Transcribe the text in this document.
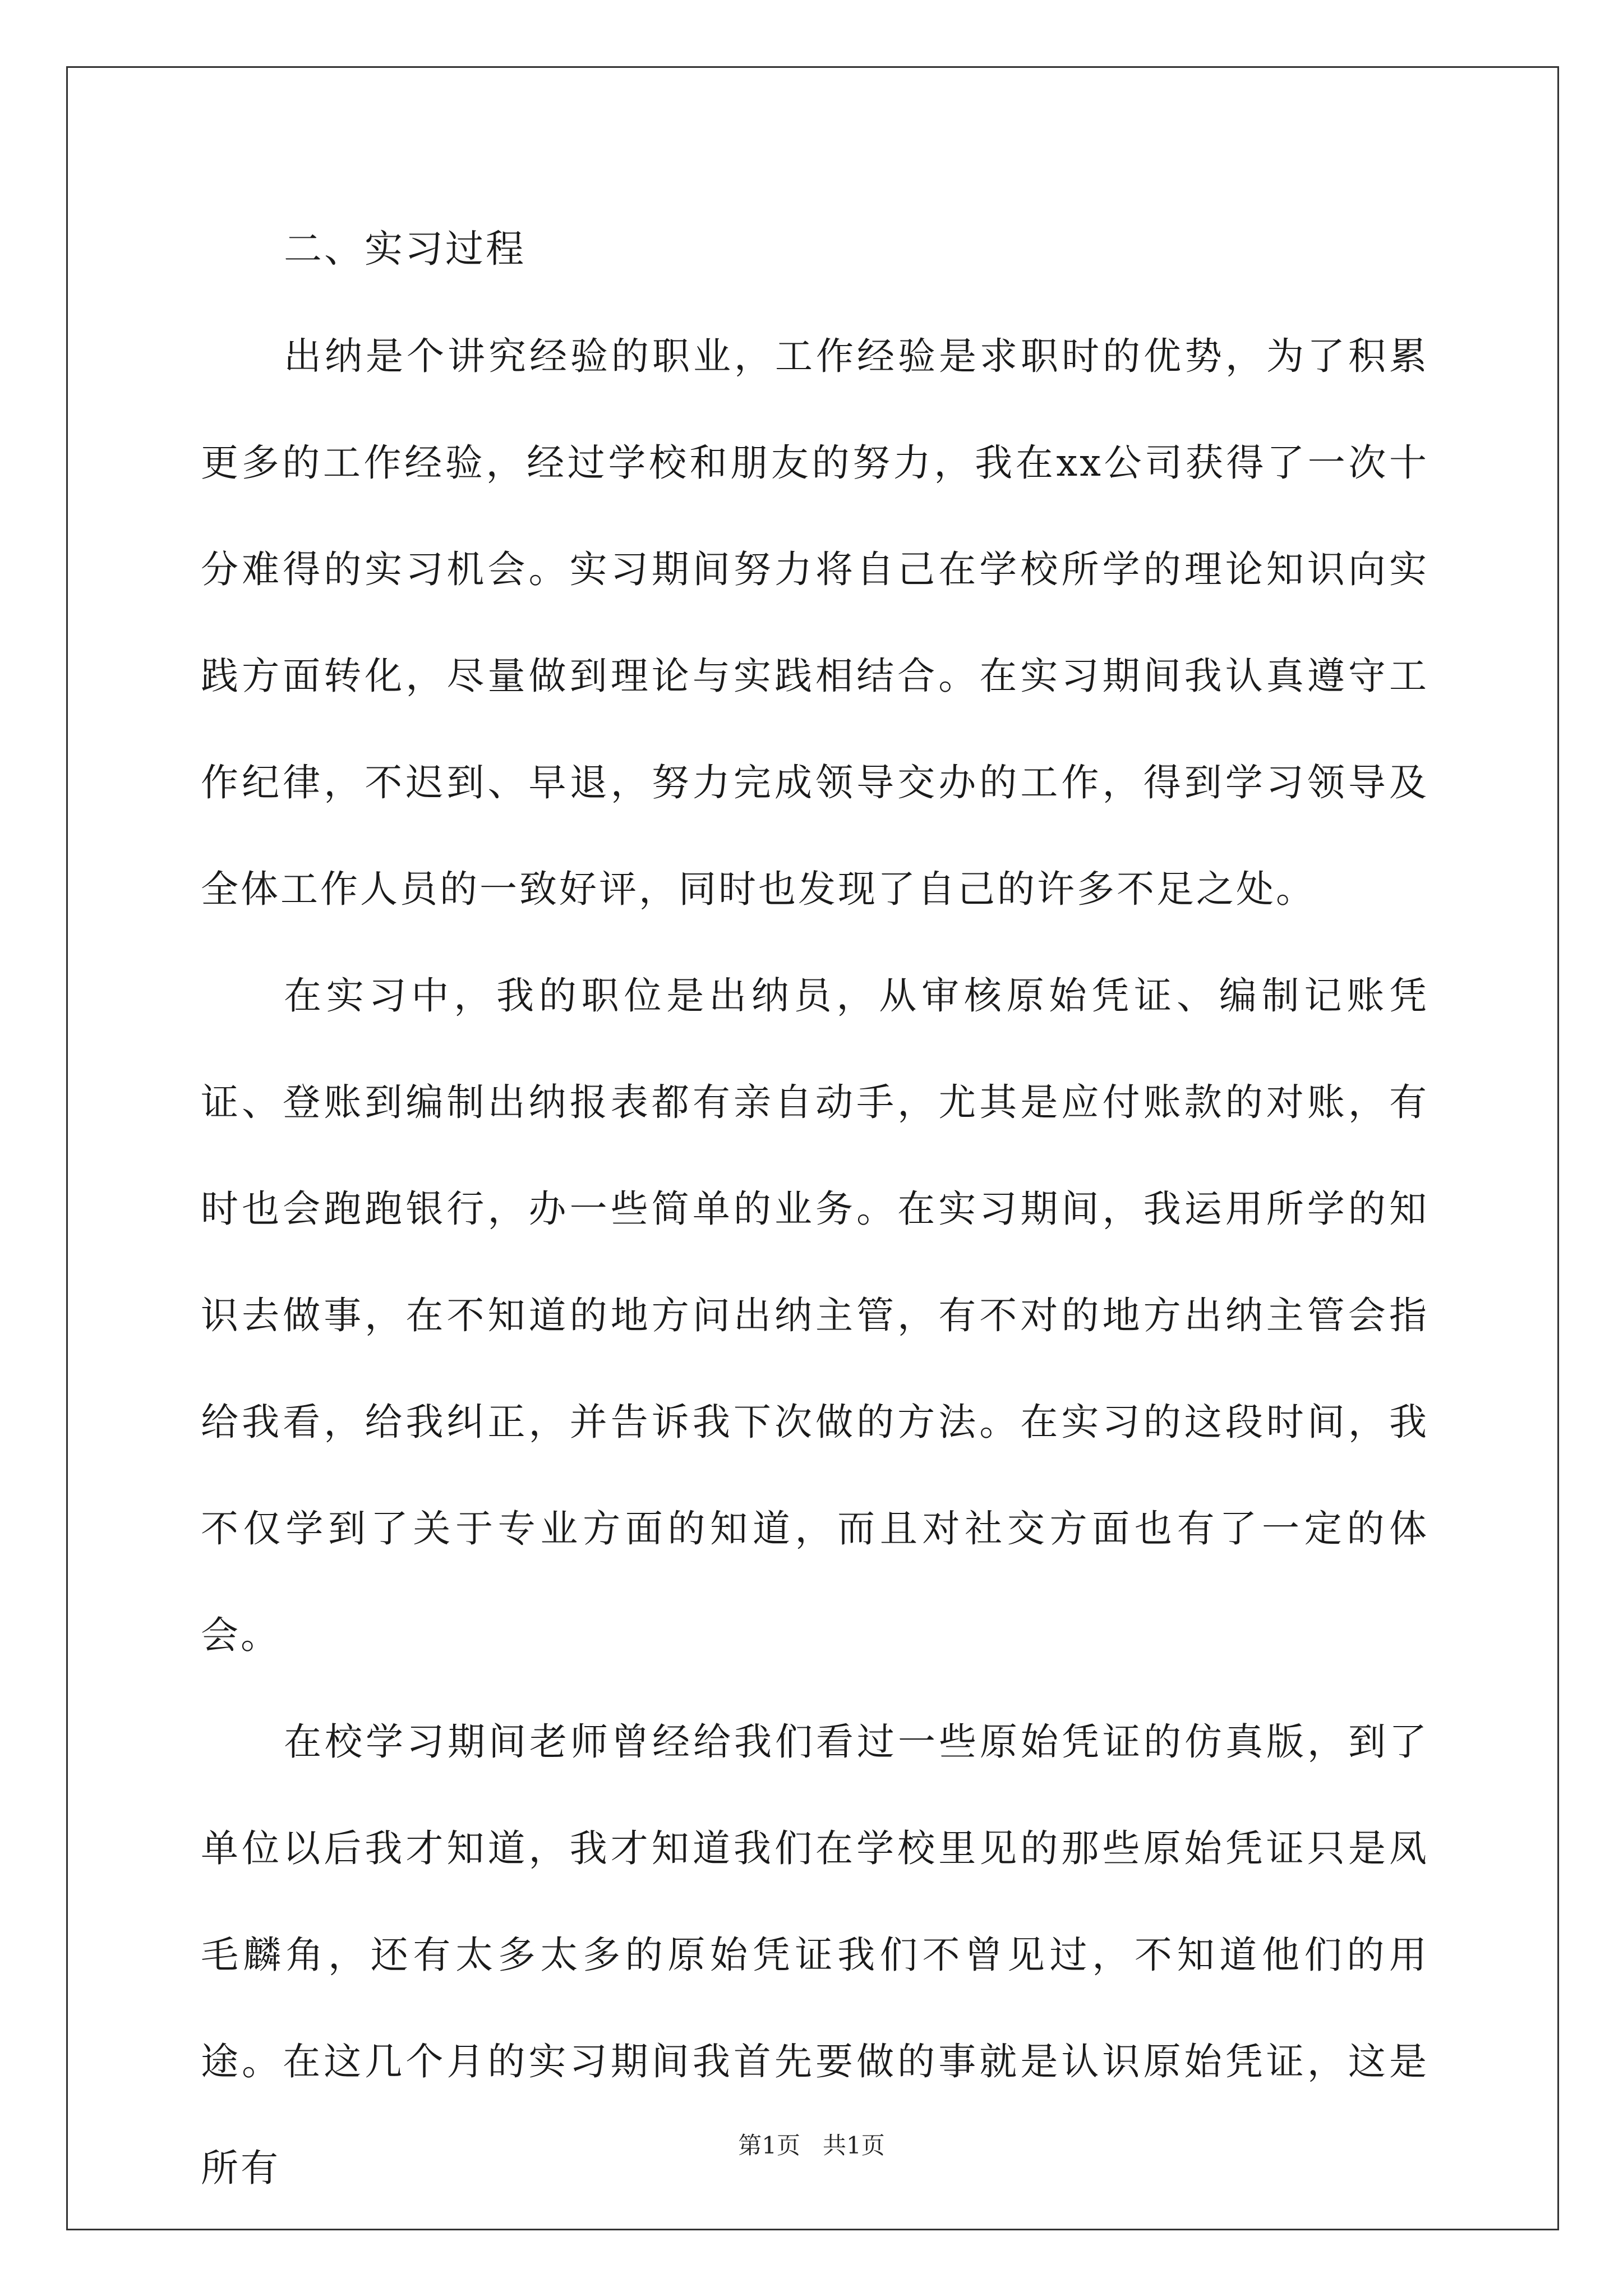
二、实习过程

出纳是个讲究经验的职业，工作经验是求职时的优势，为了积累更多的工作经验，经过学校和朋友的努力，我在xx公司获得了一次十分难得的实习机会。实习期间努力将自己在学校所学的理论知识向实践方面转化，尽量做到理论与实践相结合。在实习期间我认真遵守工作纪律，不迟到、早退，努力完成领导交办的工作，得到学习领导及全体工作人员的一致好评，同时也发现了自己的许多不足之处。

在实习中，我的职位是出纳员，从审核原始凭证、编制记账凭证、登账到编制出纳报表都有亲自动手，尤其是应付账款的对账，有时也会跑跑银行，办一些简单的业务。在实习期间，我运用所学的知识去做事，在不知道的地方问出纳主管，有不对的地方出纳主管会指给我看，给我纠正，并告诉我下次做的方法。在实习的这段时间，我不仅学到了关于专业方面的知道，而且对社交方面也有了一定的体会。

在校学习期间老师曾经给我们看过一些原始凭证的仿真版，到了单位以后我才知道，我才知道我们在学校里见的那些原始凭证只是凤毛麟角，还有太多太多的原始凭证我们不曾见过，不知道他们的用途。在这几个月的实习期间我首先要做的事就是认识原始凭证，这是所有

第1页   共1页
